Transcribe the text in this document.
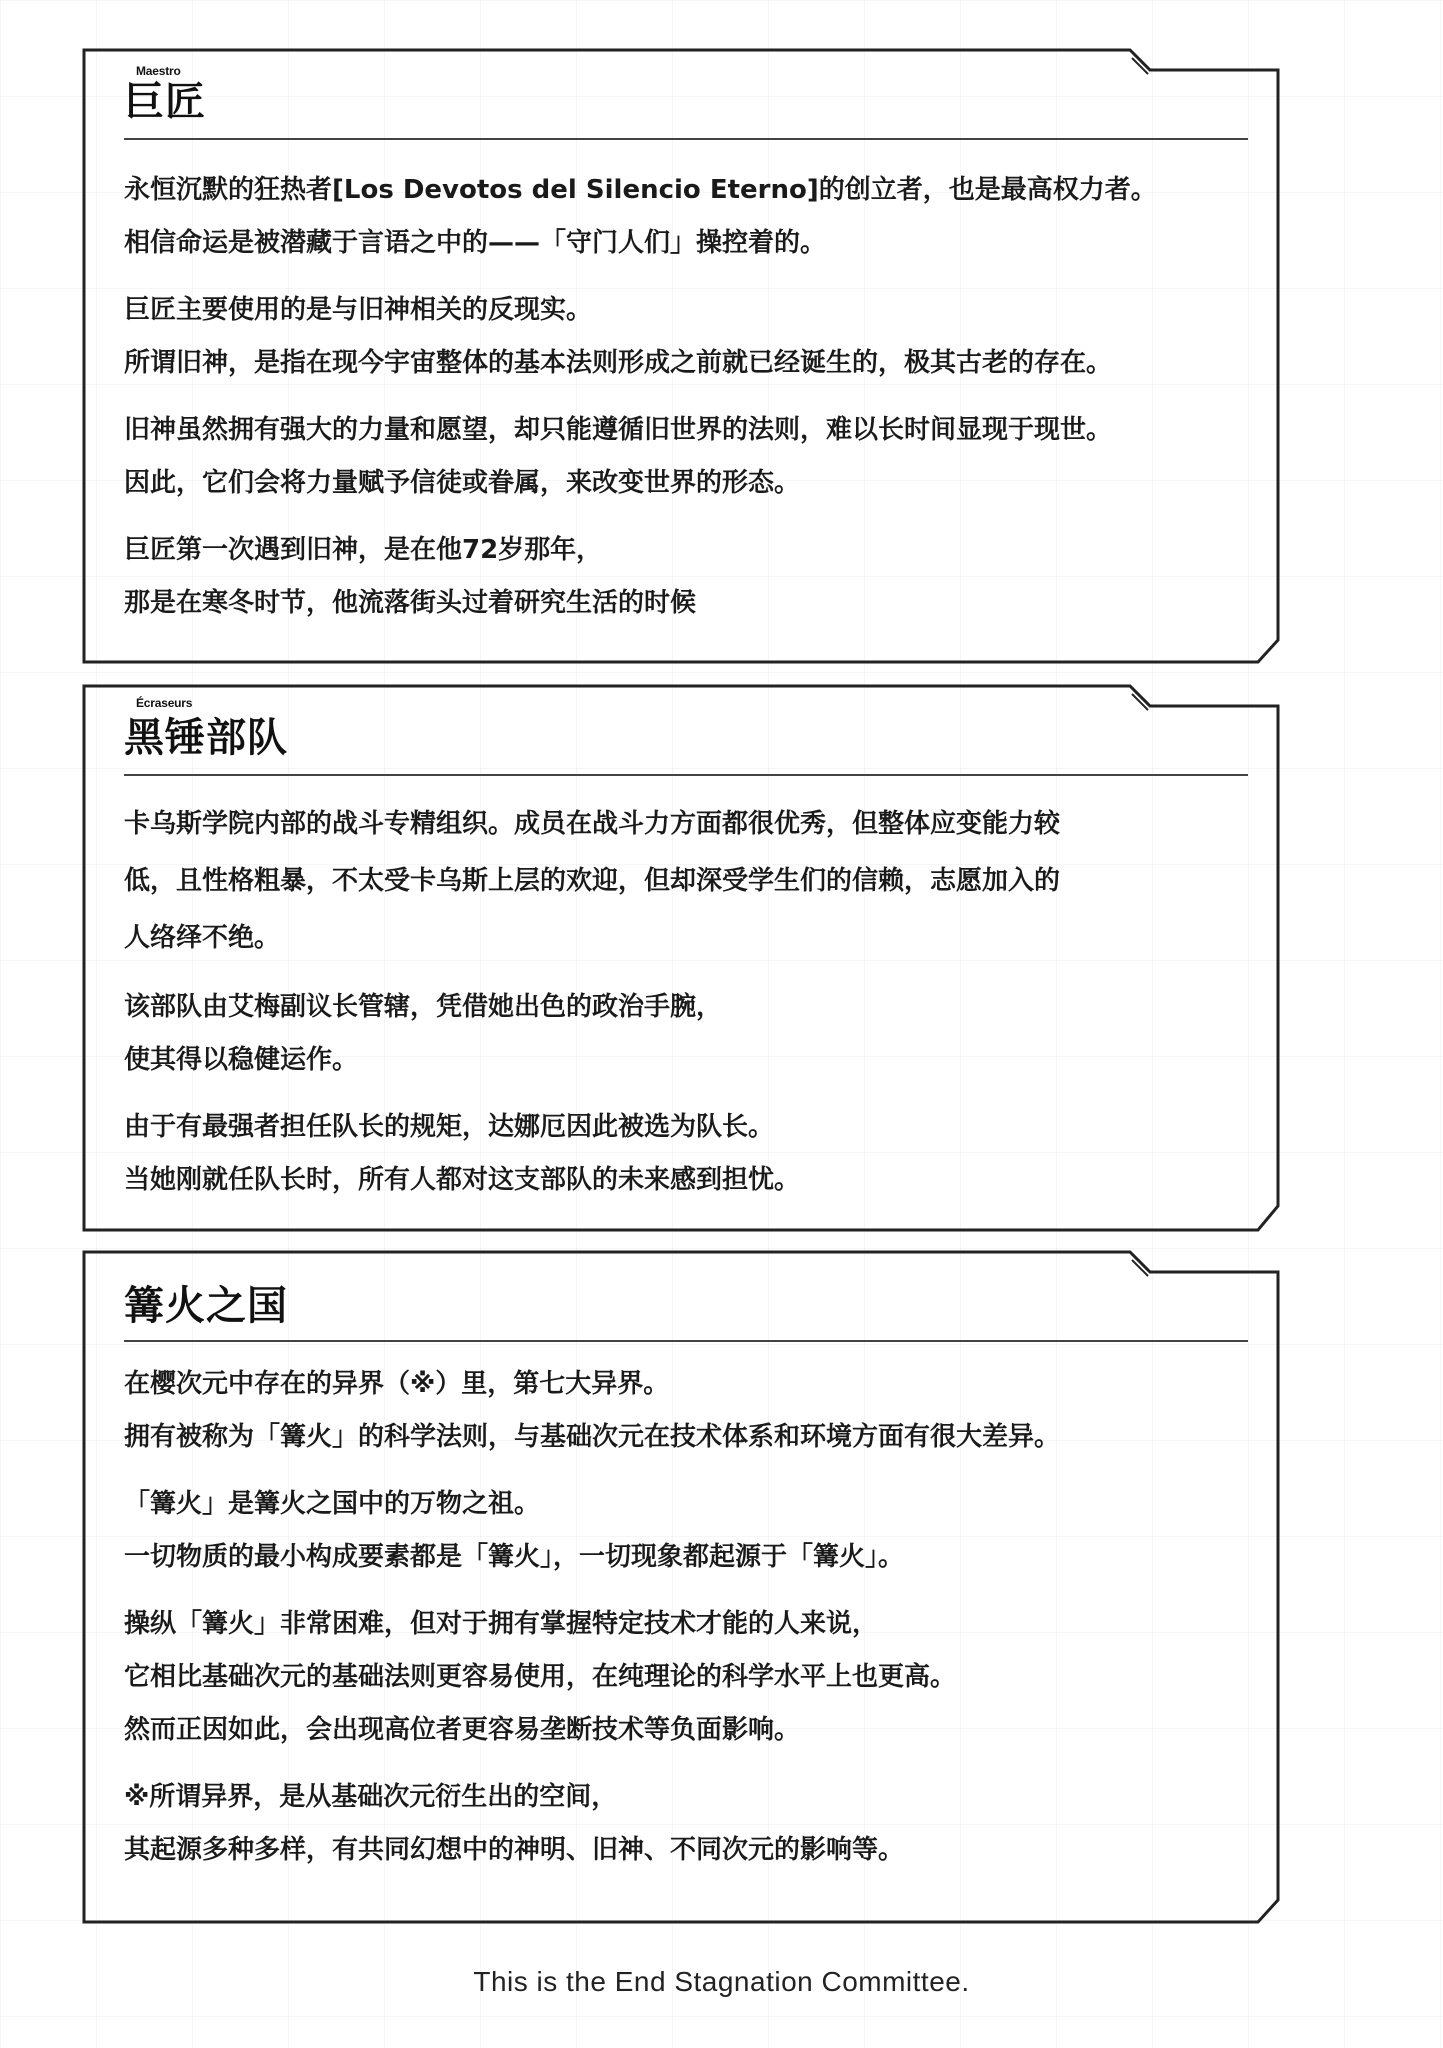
Maestro
巨匠
永恒沉默的狂热者[Los Devotos del Silencio Eterno]的创立者，也是最高权力者。
相信命运是被潜藏于言语之中的——「守门人们」操控着的。
巨匠主要使用的是与旧神相关的反现实。
所谓旧神，是指在现今宇宙整体的基本法则形成之前就已经诞生的，极其古老的存在。
旧神虽然拥有强大的力量和愿望，却只能遵循旧世界的法则，难以长时间显现于现世。
因此，它们会将力量赋予信徒或眷属，来改变世界的形态。
巨匠第一次遇到旧神，是在他72岁那年，
那是在寒冬时节，他流落街头过着研究生活的时候
Écraseurs
黑锤部队
卡乌斯学院内部的战斗专精组织。成员在战斗力方面都很优秀，但整体应变能力较
低，且性格粗暴，不太受卡乌斯上层的欢迎，但却深受学生们的信赖，志愿加入的
人络绎不绝。
该部队由艾梅副议长管辖，凭借她出色的政治手腕，
使其得以稳健运作。
由于有最强者担任队长的规矩，达娜厄因此被选为队长。
当她刚就任队长时，所有人都对这支部队的未来感到担忧。
篝火之国
在樱次元中存在的异界（※）里，第七大异界。
拥有被称为「篝火」的科学法则，与基础次元在技术体系和环境方面有很大差异。
「篝火」是篝火之国中的万物之祖。
一切物质的最小构成要素都是「篝火」，一切现象都起源于「篝火」。
操纵「篝火」非常困难，但对于拥有掌握特定技术才能的人来说，
它相比基础次元的基础法则更容易使用，在纯理论的科学水平上也更高。
然而正因如此，会出现高位者更容易垄断技术等负面影响。
※所谓异界，是从基础次元衍生出的空间，
其起源多种多样，有共同幻想中的神明、旧神、不同次元的影响等。
This is the End Stagnation Committee.
